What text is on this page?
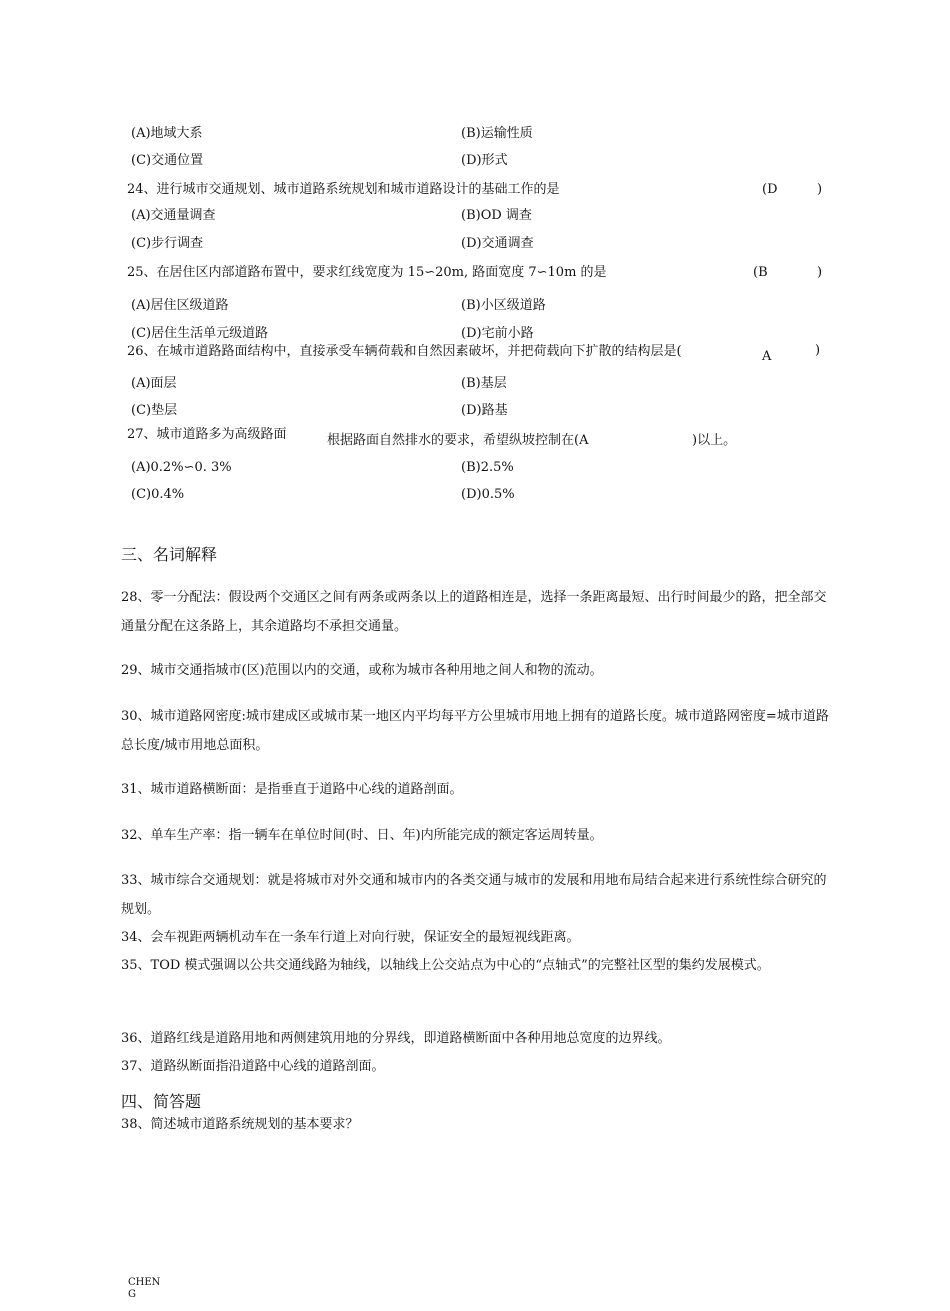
(A)地域大系	(B)运输性质
(C)交通位置	(D)形式
24、进行城市交通规划、城市道路系统规划和城市道路设计的基础工作的是	(D	)
(A)交通量调查	(B)OD 调查
(C)步行调查	(D)交通调查
25、在居住区内部道路布置中，要求红线宽度为 15∽20m, 路面宽度 7∽10m 的是	(B	)
(A)居住区级道路	(B)小区级道路
(C)居住生活单元级道路	(D)宅前小路
26、在城市道路路面结构中，直接承受车辆荷载和自然因素破坏，并把荷载向下扩散的结构层是(	A	)
(A)面层	(B)基层
(C)垫层	(D)路基
27、城市道路多为高级路面	根据路面自然排水的要求，希望纵坡控制在(A	)以上。
(A)0.2%∽0. 3%	(B)2.5%
(C)0.4%	(D)0.5%
三、名词解释
28、零一分配法：假设两个交通区之间有两条或两条以上的道路相连是，选择一条距离最短、出行时间最少的路，把全部交通量分配在这条路上，其余道路均不承担交通量。
29、城市交通指城市(区)范围以内的交通，或称为城市各种用地之间人和物的流动。
30、城市道路网密度:城市建成区或城市某一地区内平均每平方公里城市用地上拥有的道路长度。城市道路网密度=城市道路总长度/城市用地总面积。
31、城市道路横断面：是指垂直于道路中心线的道路剖面。
32、单车生产率：指一辆车在单位时间(时、日、年)内所能完成的额定客运周转量。
33、城市综合交通规划：就是将城市对外交通和城市内的各类交通与城市的发展和用地布局结合起来进行系统性综合研究的规划。
34、会车视距两辆机动车在一条车行道上对向行驶，保证安全的最短视线距离。
35、TOD 模式强调以公共交通线路为轴线，以轴线上公交站点为中心的“点轴式”的完整社区型的集约发展模式。
36、道路红线是道路用地和两侧建筑用地的分界线，即道路横断面中各种用地总宽度的边界线。
37、道路纵断面指沿道路中心线的道路剖面。
四、简答题
38、简述城市道路系统规划的基本要求？
CHEN
G
